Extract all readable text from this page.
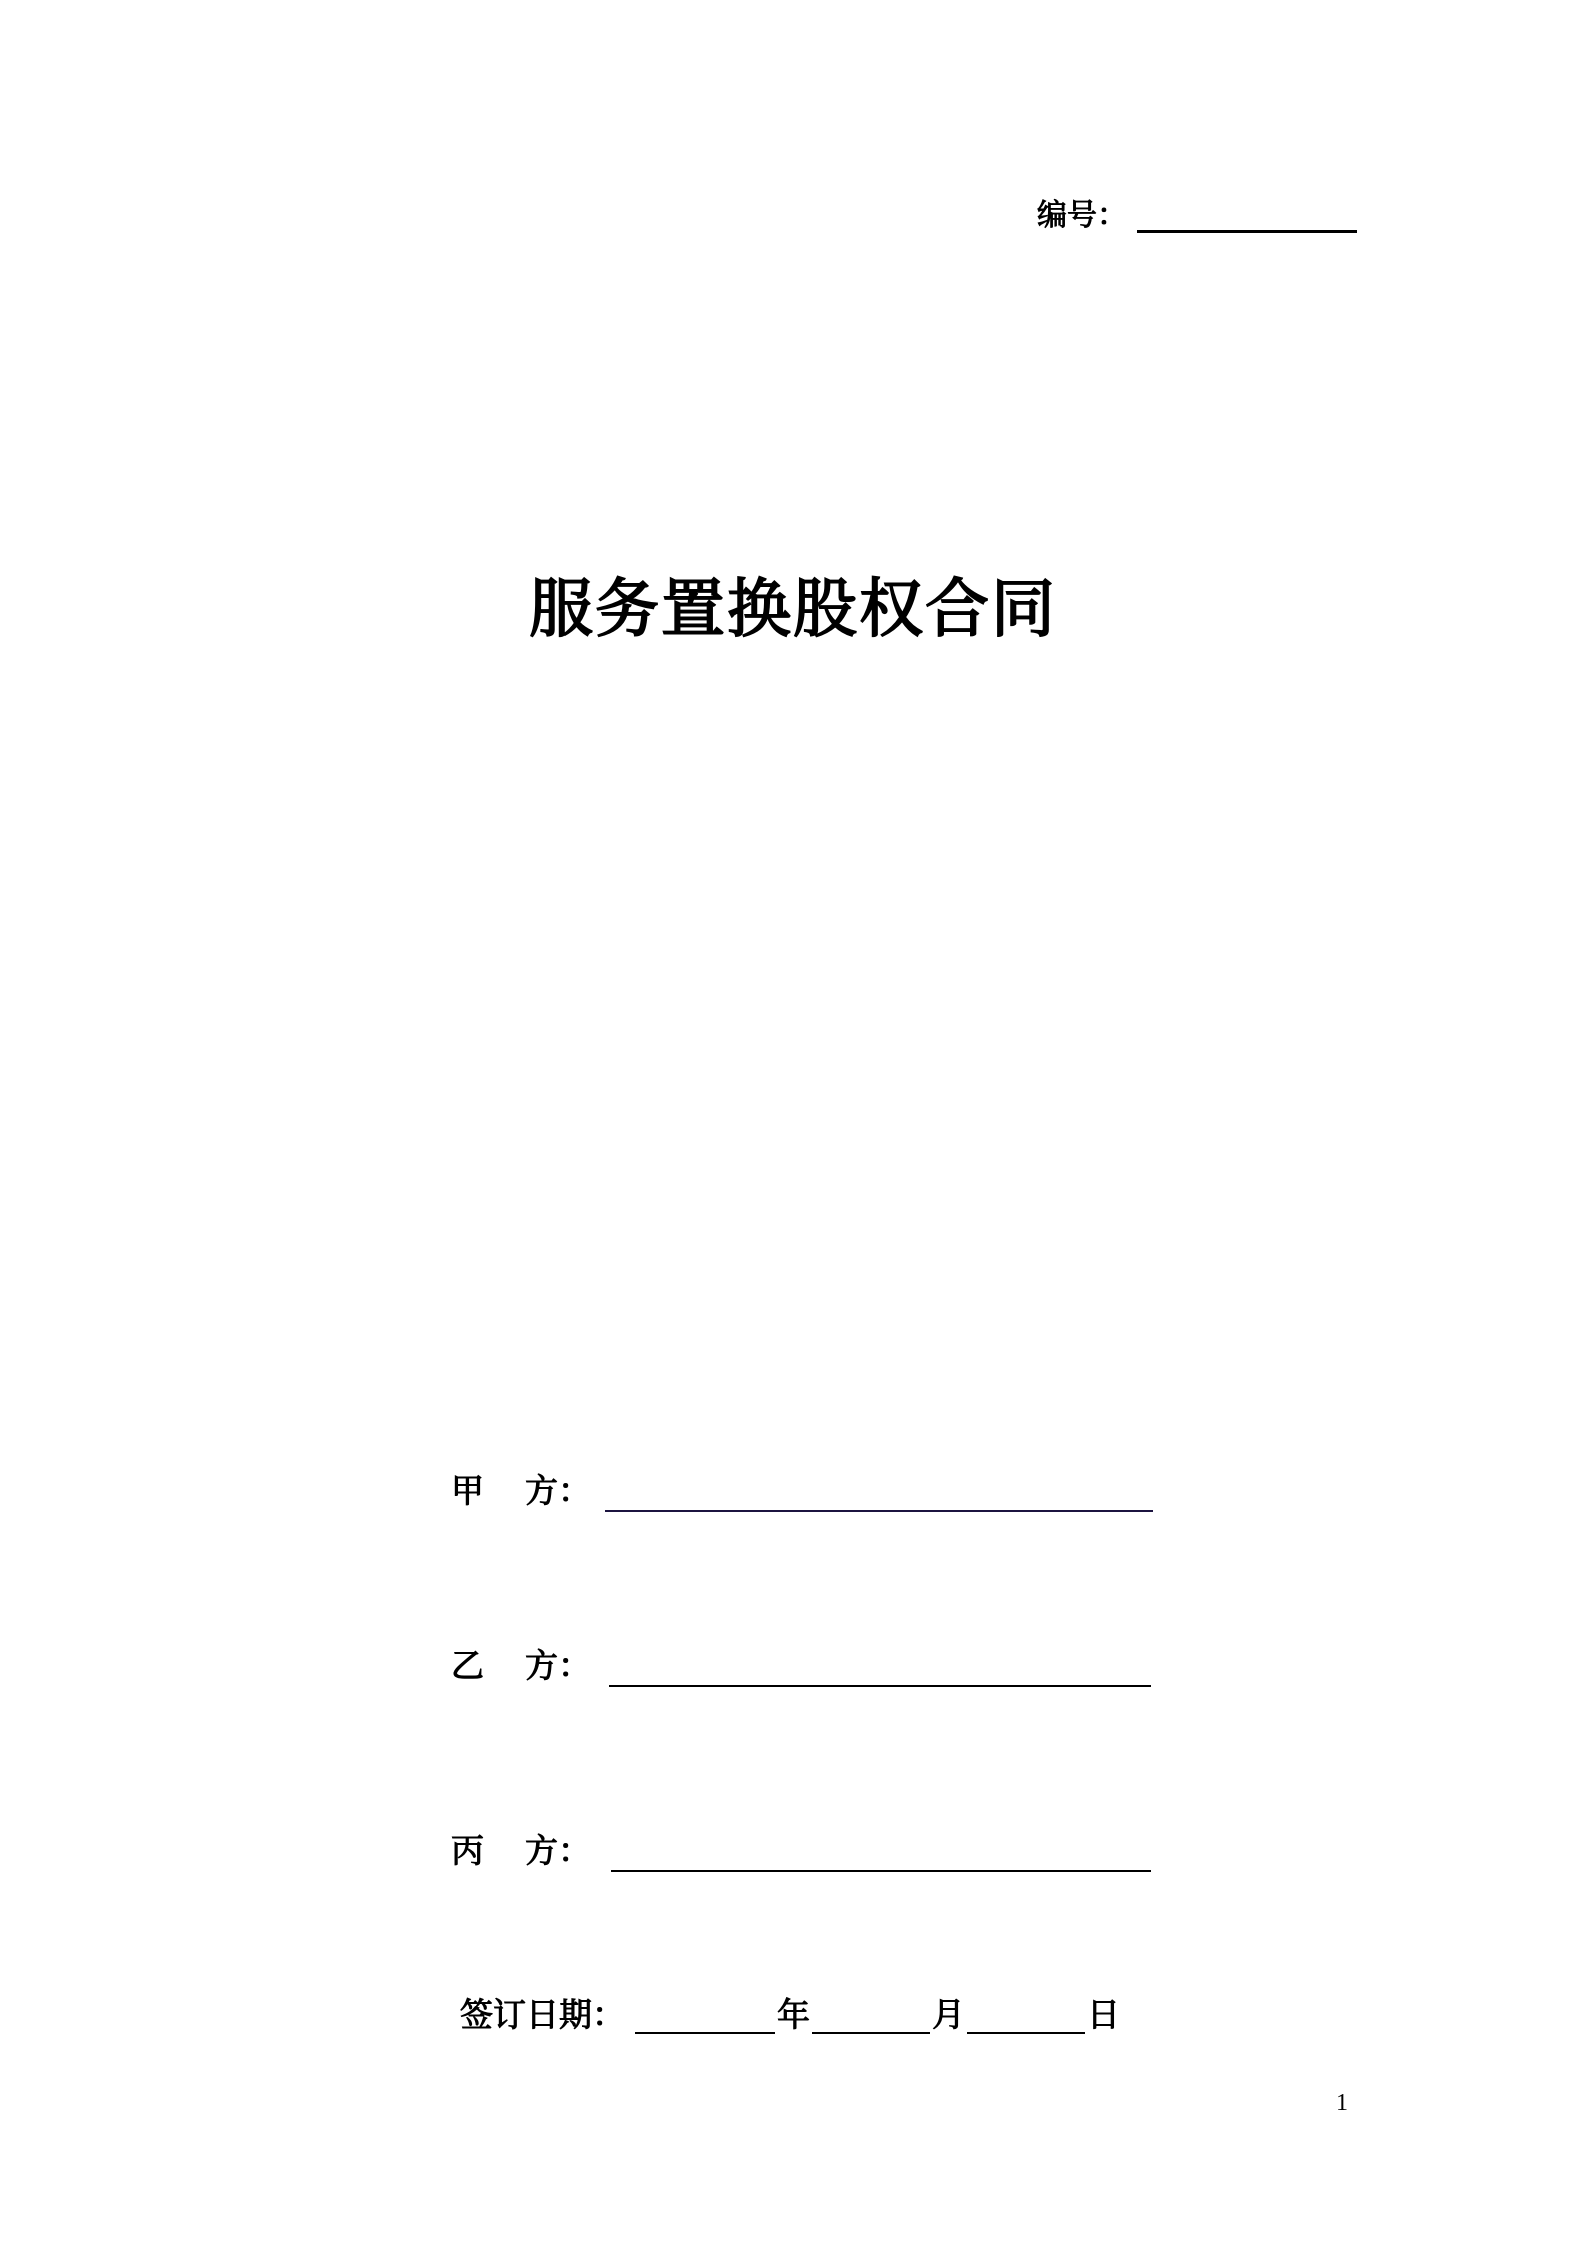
编号：
服务置换股权合同
甲	方：
乙	方：
丙	方：
签订日期：	年	月	日
1
